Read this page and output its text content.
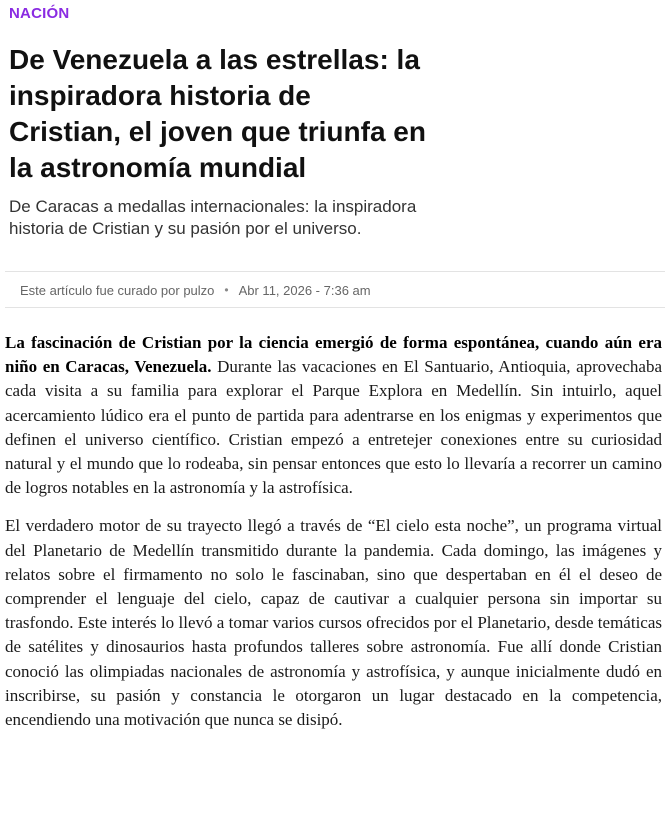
NACIÓN
De Venezuela a las estrellas: la inspiradora historia de Cristian, el joven que triunfa en la astronomía mundial

De Caracas a medallas internacionales: la inspiradora historia de Cristian y su pasión por el universo.

Este artículo fue curado por pulzo • Abr 11, 2026 - 7:36 am

La fascinación de Cristian por la ciencia emergió de forma espontánea, cuando aún era niño en Caracas, Venezuela. Durante las vacaciones en El Santuario, Antioquia, aprovechaba cada visita a su familia para explorar el Parque Explora en Medellín. Sin intuirlo, aquel acercamiento lúdico era el punto de partida para adentrarse en los enigmas y experimentos que definen el universo científico. Cristian empezó a entretejer conexiones entre su curiosidad natural y el mundo que lo rodeaba, sin pensar entonces que esto lo llevaría a recorrer un camino de logros notables en la astronomía y la astrofísica.

El verdadero motor de su trayecto llegó a través de “El cielo esta noche”, un programa virtual del Planetario de Medellín transmitido durante la pandemia. Cada domingo, las imágenes y relatos sobre el firmamento no solo le fascinaban, sino que despertaban en él el deseo de comprender el lenguaje del cielo, capaz de cautivar a cualquier persona sin importar su trasfondo. Este interés lo llevó a tomar varios cursos ofrecidos por el Planetario, desde temáticas de satélites y dinosaurios hasta profundos talleres sobre astronomía. Fue allí donde Cristian conoció las olimpiadas nacionales de astronomía y astrofísica, y aunque inicialmente dudó en inscribirse, su pasión y constancia le otorgaron un lugar destacado en la competencia, encendiendo una motivación que nunca se disipó.
